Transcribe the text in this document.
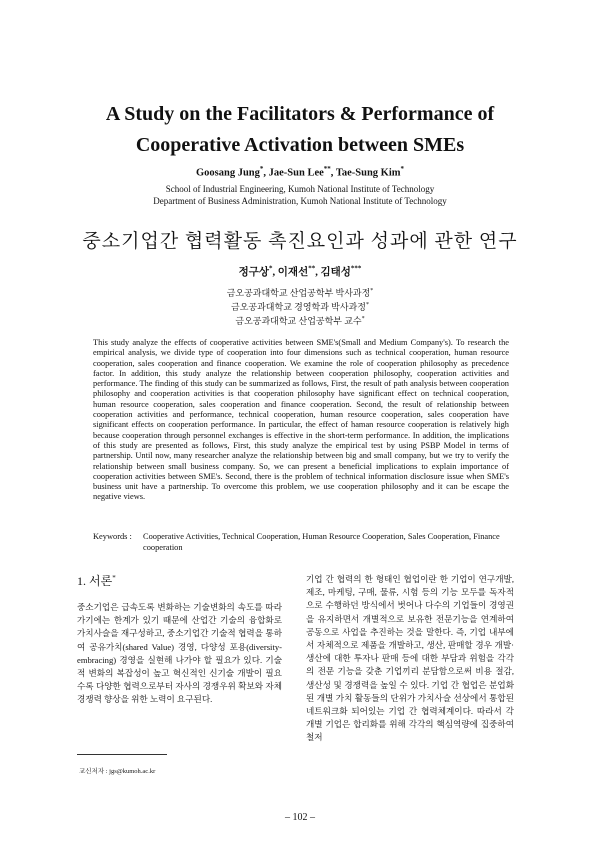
A Study on the Facilitators & Performance of
Cooperative Activation between SMEs
Goosang Jung*, Jae-Sun Lee**, Tae-Sung Kim*
School of Industrial Engineering, Kumoh National Institute of Technology
Department of Business Administration, Kumoh National Institute of Technology
중소기업간 협력활동 촉진요인과 성과에 관한 연구
정구상*, 이재선**, 김태성***
금오공과대학교 산업공학부 박사과정*
금오공과대학교 경영학과 박사과정*
금오공과대학교 산업공학부 교수*
This study analyze the effects of cooperative activities between SME's(Small and Medium Company's). To research the empirical analysis, we divide type of cooperation into four dimensions such as technical cooperation, human resource cooperation, sales cooperation and finance cooperation. We examine the role of cooperation philosophy as precedence factor. In addition, this study analyze the relationship between cooperation philosophy, cooperation activities and performance. The finding of this study can be summarized as follows, First, the result of path analysis between cooperation philosophy and cooperation activities is that cooperation philosophy have significant effect on technical cooperation, human resource cooperation, sales cooperation and finance cooperation. Second, the result of relationship between cooperation activities and performance, technical cooperation, human resource cooperation, sales cooperation have significant effects on cooperation performance. In particular, the effect of haman resource cooperation is relatively high because cooperation through personnel exchanges is effective in the short-term performance. In addition, the implications of this study are presented as follows, First, this study analyze the empirical test by using PSBP Model in terms of partnership. Until now, many researcher analyze the relationship between big and small company, but we try to verify the relationship between small business company. So, we can present a beneficial implications to explain importance of cooperation activities between SME's. Second, there is the problem of technical information disclosure issue when SME's business unit have a partnership. To overcome this problem, we use cooperation philosophy and it can be escape the negative views.
Keywords : Cooperative Activities, Technical Cooperation, Human Resource Cooperation, Sales Cooperation, Finance cooperation
1. 서론*
중소기업은 급속도록 변화하는 기술변화의 속도를 따라가기에는 한계가 있기 때문에 산업간 기술의 융합화로 가치사슬을 재구성하고, 중소기업간 기술적 협력을 통하여 공유가치(shared Value) 경영, 다양성 포용(diversity-embracing) 경영을 실현해 나가야 할 필요가 있다. 기술적 변화의 복잡성이 높고 혁신적인 신기술 개발이 필요수록 다양한 협력으로부터 자사의 경쟁우위 확보와 자체 경쟁력 향상을 위한 노력이 요구된다.
기업 간 협력의 한 형태인 협업이란 한 기업이 연구개발, 제조, 마케팅, 구매, 물류, 시험 등의 기능 모두를 독자적으로 수행하던 방식에서 벗어나 다수의 기업들이 경영권을 유지하면서 개별적으로 보유한 전문기능을 연계하여 공동으로 사업을 추진하는 것을 말한다. 즉, 기업 내부에서 자체적으로 제품을 개발하고, 생산, 판매할 경우 개발·생산에 대한 투자나 판매 등에 대한 부담과 위험을 각각의 전문 기능을 갖춘 기업끼리 분담함으로써 비용 절감, 생산성 및 경쟁력을 높일 수 있다. 기업 간 협업은 분업화된 개별 가치 활동들의 단위가 가치사슬 선상에서 통합된 네트워크화 되어있는 기업 간 협력체계이다. 따라서 각 개별 기업은 합리화를 위해 각각의 핵심역량에 집중하여 철저
교신저자 : jgs@kumoh.ac.kr
– 102 –
